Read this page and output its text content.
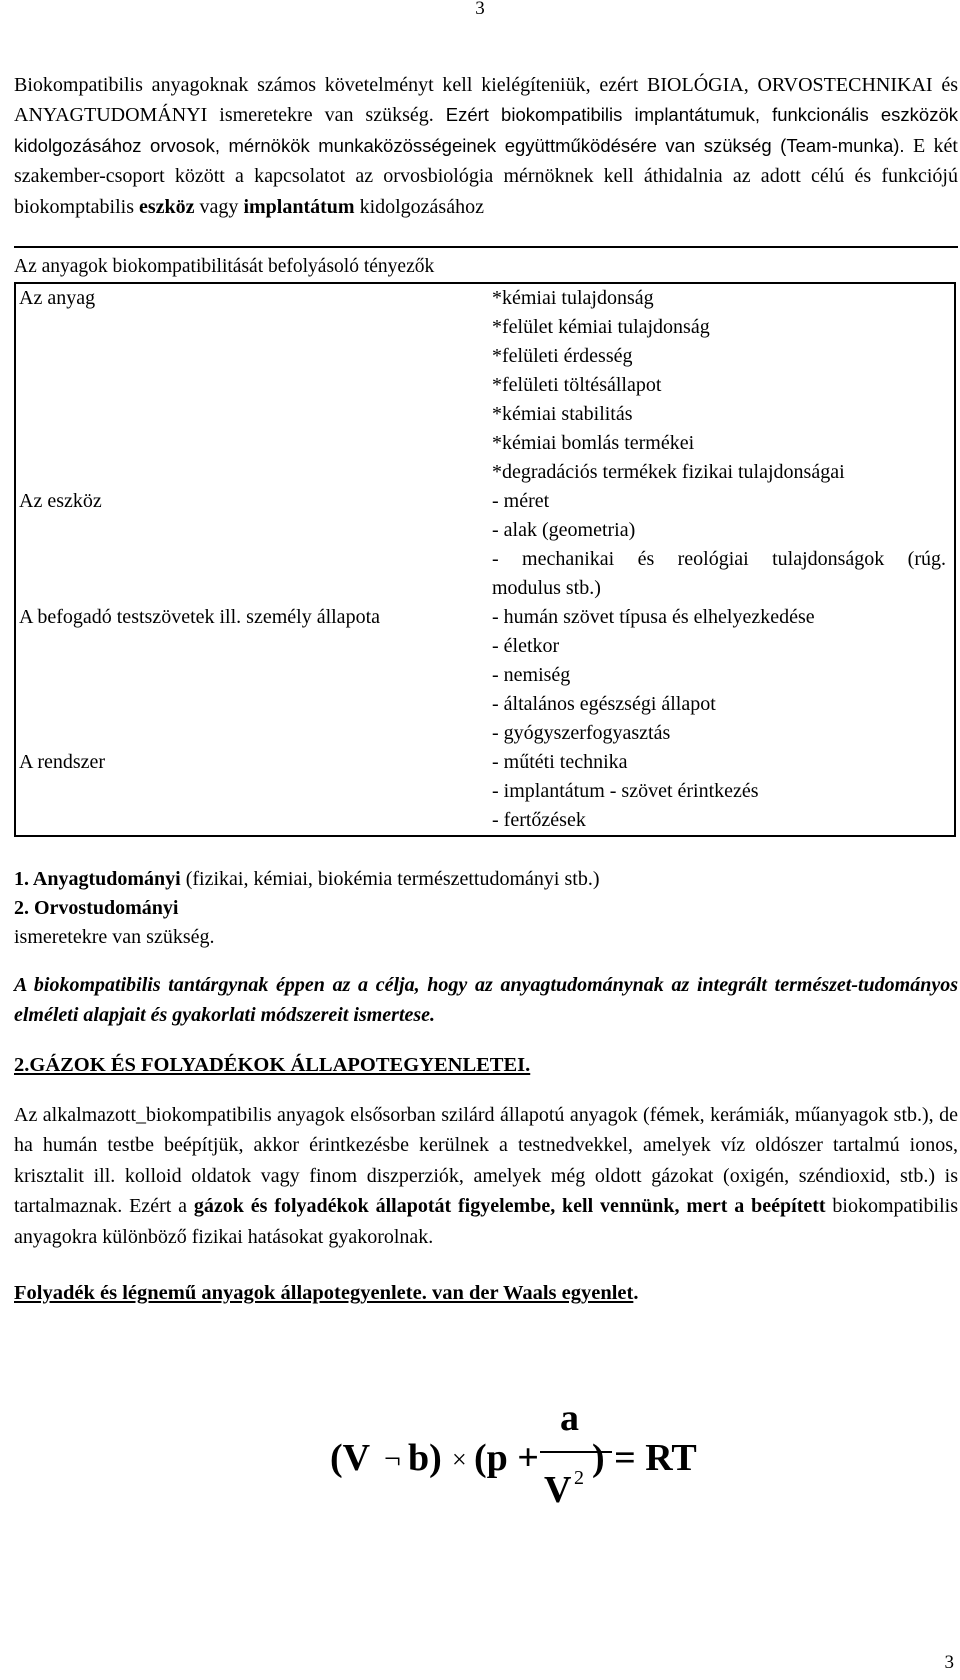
3

Biokompatibilis anyagoknak számos követelményt kell kielégíteniük, ezért BIOLÓGIA, ORVOSTECHNIKAI és ANYAGTUDOMÁNYI ismeretekre van szükség. Ezért biokompatibilis implantátumuk, funkcionális eszközök kidolgozásához orvosok, mérnökök munkaközösségeinek együttműködésére van szükség (Team-munka). E két szakember-csoport között a kapcsolatot az orvosbiológia mérnöknek kell áthidalnia az adott célú és funkciójú biokomptabilis eszköz vagy implantátum kidolgozásához

Az anyagok biokompatibilitását befolyásoló tényezők
Az anyag	*kémiai tulajdonság
*felület kémiai tulajdonság
*felületi érdesség
*felületi töltésállapot
*kémiai stabilitás
*kémiai bomlás termékei
*degradációs termékek fizikai tulajdonságai
Az eszköz	- méret
- alak (geometria)
- mechanikai és reológiai tulajdonságok (rúg.
modulus stb.)
A befogadó testszövetek ill. személy állapota	- humán szövet típusa és elhelyezkedése
- életkor
- nemiség
- általános egészségi állapot
- gyógyszerfogyasztás
A rendszer	- műtéti technika
- implantátum - szövet érintkezés
- fertőzések
1. Anyagtudományi (fizikai, kémiai, biokémia természettudományi stb.)
2. Orvostudományi
ismeretekre van szükség.
A biokompatibilis tantárgynak éppen az a célja, hogy az anyagtudománynak az integrált természet-tudományos elméleti alapjait és gyakorlati módszereit ismertese.
2.GÁZOK ÉS FOLYADÉKOK ÁLLAPOTEGYENLETEI.

Az alkalmazott_biokompatibilis anyagok elsősorban szilárd állapotú anyagok (fémek, kerámiák, műanyagok stb.), de ha humán testbe beépítjük, akkor érintkezésbe kerülnek a testnedvekkel, amelyek víz oldószer tartalmú ionos, krisztalit ill. kolloid oldatok vagy finom diszperziók, amelyek még oldott gázokat (oxigén, széndioxid, stb.) is tartalmaznak. Ezért a gázok és folyadékok állapotát figyelembe, kell vennünk, mert a beépített biokompatibilis anyagokra különböző fizikai hatásokat gyakorolnak.

Folyadék és légnemű anyagok állapotegyenlete. van der Waals egyenlet.
(V ¬ b) × (p +
a
V 2 ) = RT
3
